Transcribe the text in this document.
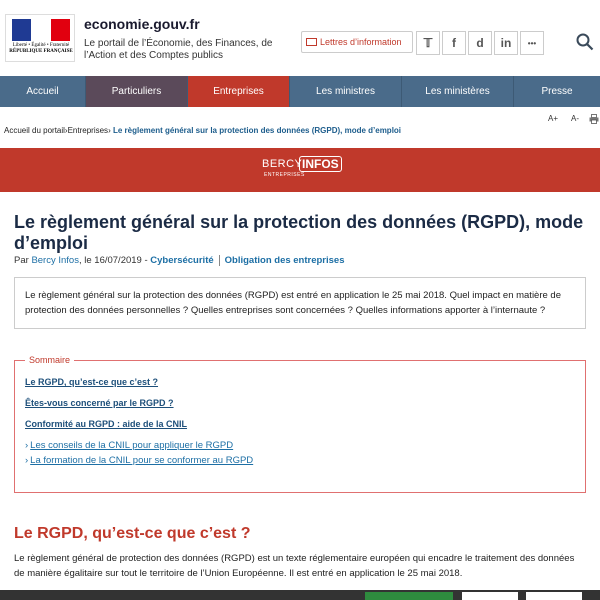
Liberté • Égalité • Fraternité
RÉPUBLIQUE FRANÇAISE
economie.gouv.fr
Le portail de l’Économie, des Finances, de l’Action et des Comptes publics
Lettres d’information	𝕋	f	d	in	•••
Accueil	Particuliers	Entreprises	Les ministres	Les ministères	Presse
A+ A-
Accueil du portail›Entreprises› Le règlement général sur la protection des données (RGPD), mode d’emploi
BERCY INFOS
ENTREPRISES
Le règlement général sur la protection des données (RGPD), mode d’emploi
Par Bercy Infos, le 16/07/2019 - Cybersécurité Obligation des entreprises
Le règlement général sur la protection des données (RGPD) est entré en application le 25 mai 2018. Quel impact en matière de protection des données personnelles ? Quelles entreprises sont concernées ? Quelles informations apporter à l’internaute ?
Sommaire
Le RGPD, qu’est-ce que c’est ?
Êtes-vous concerné par le RGPD ?
Conformité au RGPD : aide de la CNIL
› Les conseils de la CNIL pour appliquer le RGPD
› La formation de la CNIL pour se conformer au RGPD
Le RGPD, qu’est-ce que c’est ?

Le règlement général de protection des données (RGPD) est un texte réglementaire européen qui encadre le traitement des données de manière égalitaire sur tout le territoire de l’Union Européenne. Il est entré en application le 25 mai 2018.
